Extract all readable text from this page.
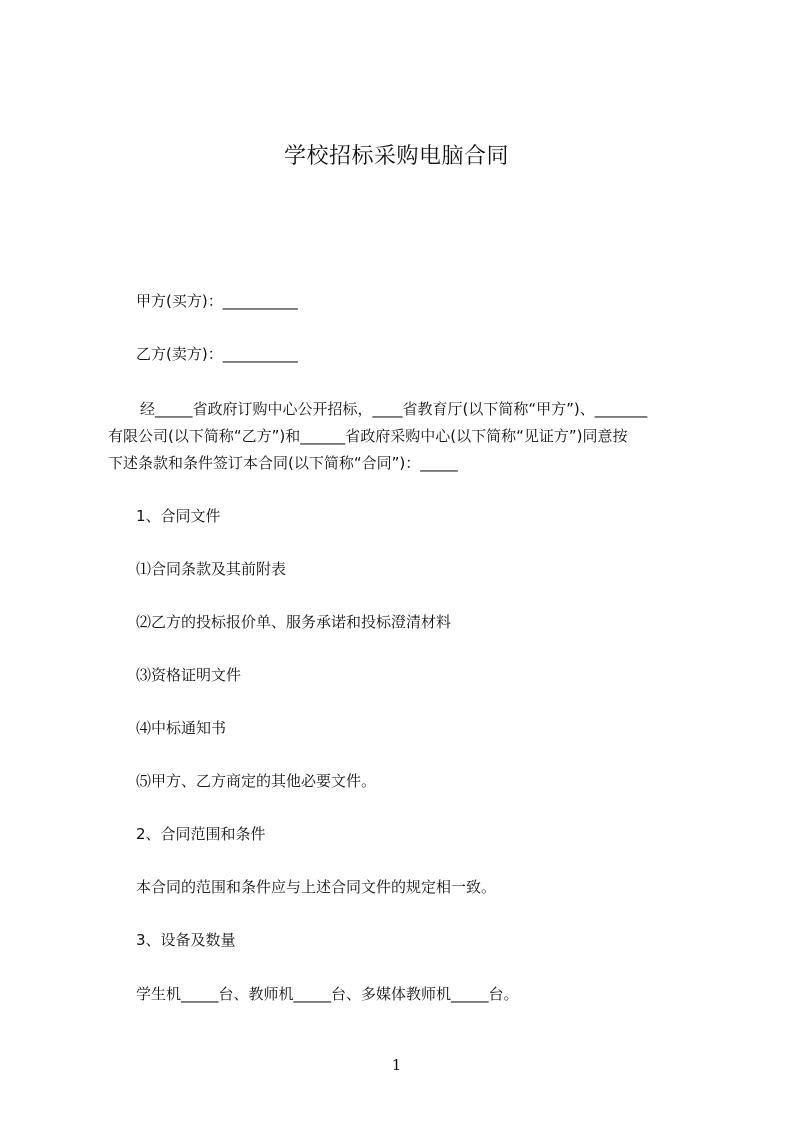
学校招标采购电脑合同
甲方(买方)：__________
乙方(卖方)：__________
经_____省政府订购中心公开招标，____省教育厅(以下简称“甲方”)、_______
有限公司(以下简称“乙方”)和______省政府采购中心(以下简称“见证方”)同意按
下述条款和条件签订本合同(以下简称“合同”)：_____
1、合同文件
⑴合同条款及其前附表
⑵乙方的投标报价单、服务承诺和投标澄清材料
⑶资格证明文件
⑷中标通知书
⑸甲方、乙方商定的其他必要文件。
2、合同范围和条件
本合同的范围和条件应与上述合同文件的规定相一致。
3、设备及数量
学生机_____台、教师机_____台、多媒体教师机_____台。
1
